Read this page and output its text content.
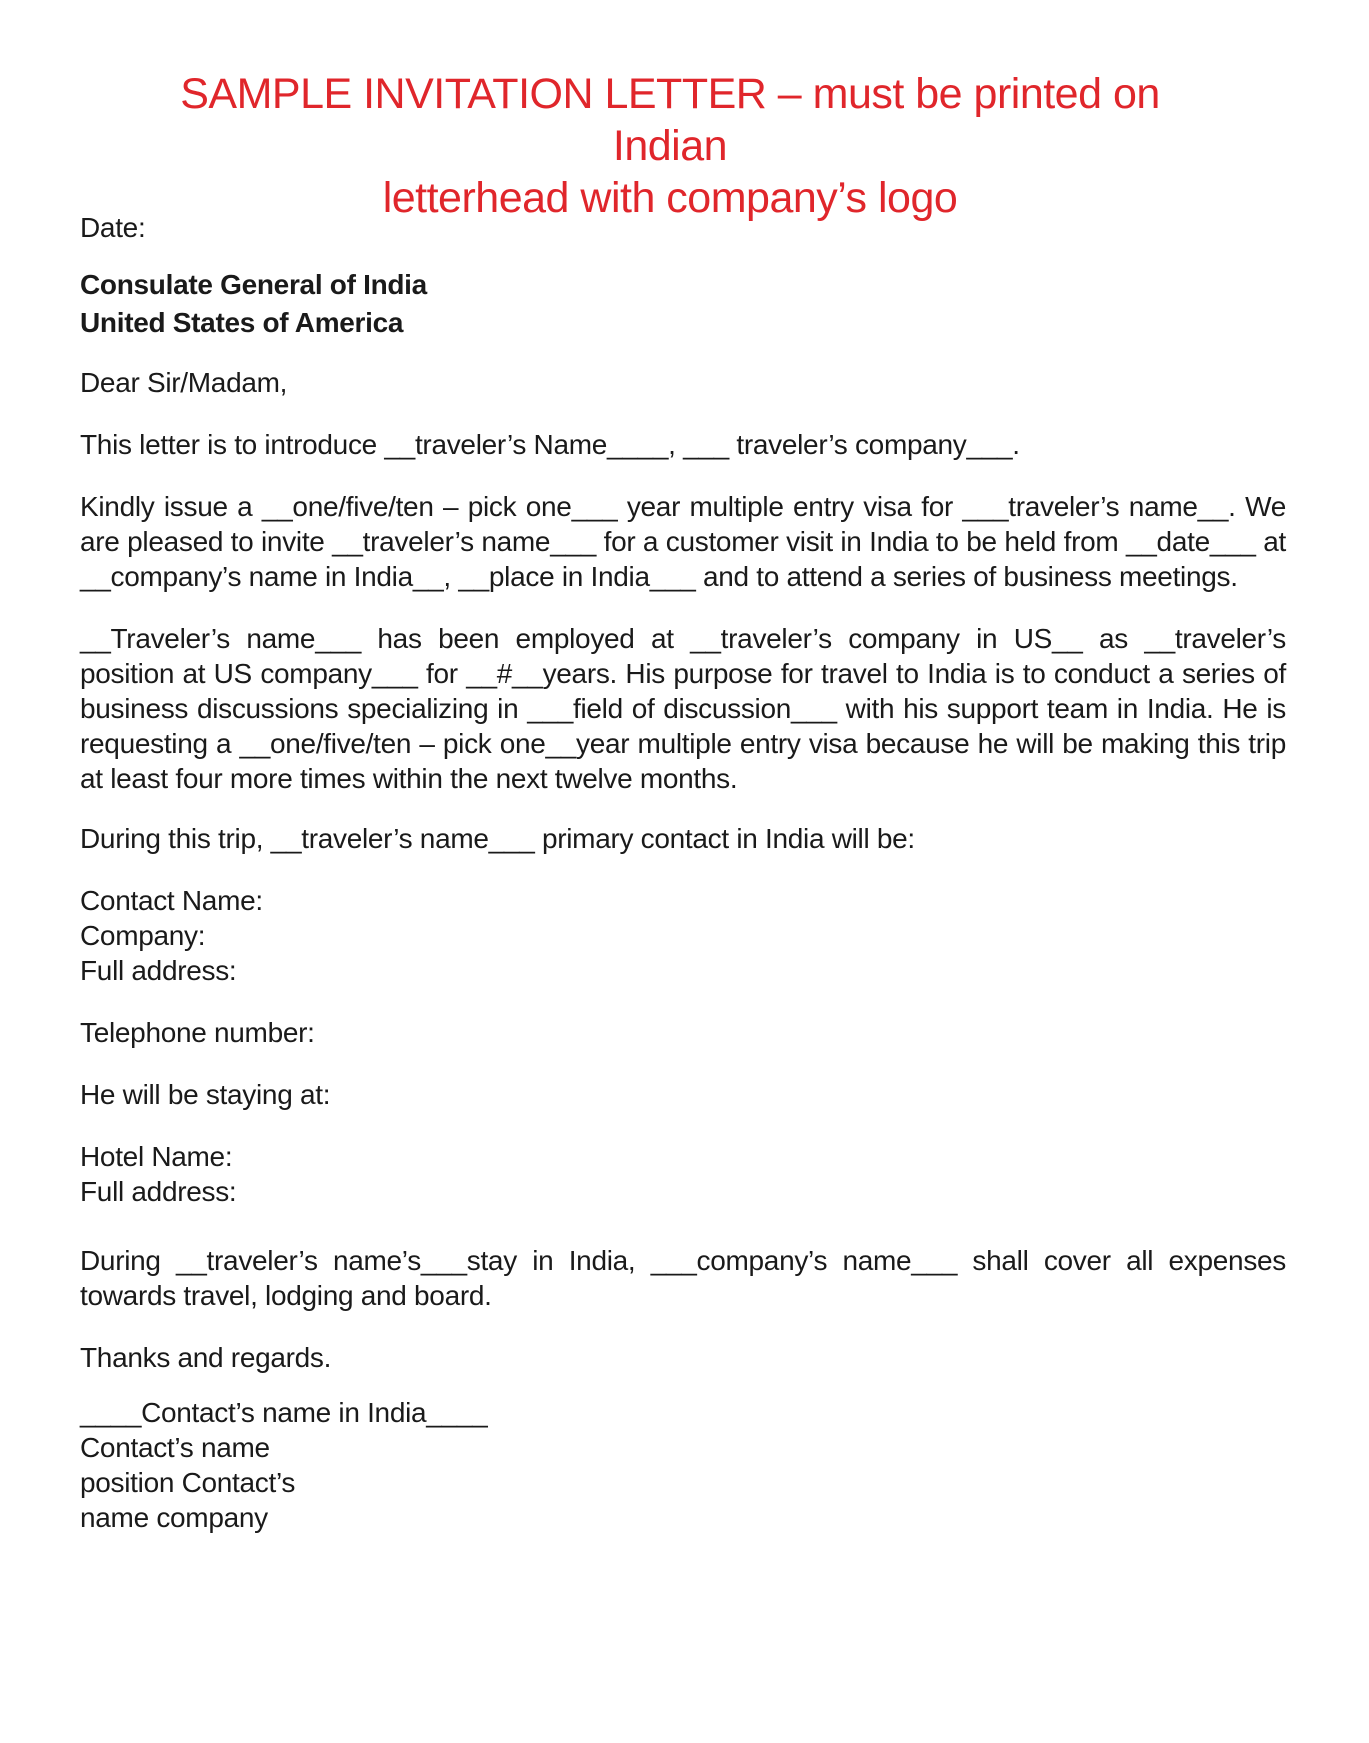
SAMPLE INVITATION LETTER – must be printed on Indian
letterhead with company’s logo

Date:

Consulate General of India
United States of America

Dear Sir/Madam,

This letter is to introduce __traveler’s Name____, ___ traveler’s company___.

Kindly issue a __one/five/ten – pick one___ year multiple entry visa for ___traveler’s name__. We are pleased to invite __traveler’s name___ for a customer visit in India to be held from __date___ at __company’s name in India__, __place in India___ and to attend a series of business meetings.

__Traveler’s name___ has been employed at __traveler’s company in US__ as __traveler’s position at US company___ for __#__years. His purpose for travel to India is to conduct a series of business discussions specializing in ___field of discussion___ with his support team in India. He is requesting a __one/five/ten – pick one__year multiple entry visa because he will be making this trip at least four more times within the next twelve months.

During this trip, __traveler’s name___ primary contact in India will be:

Contact Name:
Company:
Full address:

Telephone number:

He will be staying at:

Hotel Name:
Full address:

During __traveler’s name’s___stay in India, ___company’s name___ shall cover all expenses towards travel, lodging and board.

Thanks and regards.

____Contact’s name in India____
Contact’s name
position Contact’s
name company
